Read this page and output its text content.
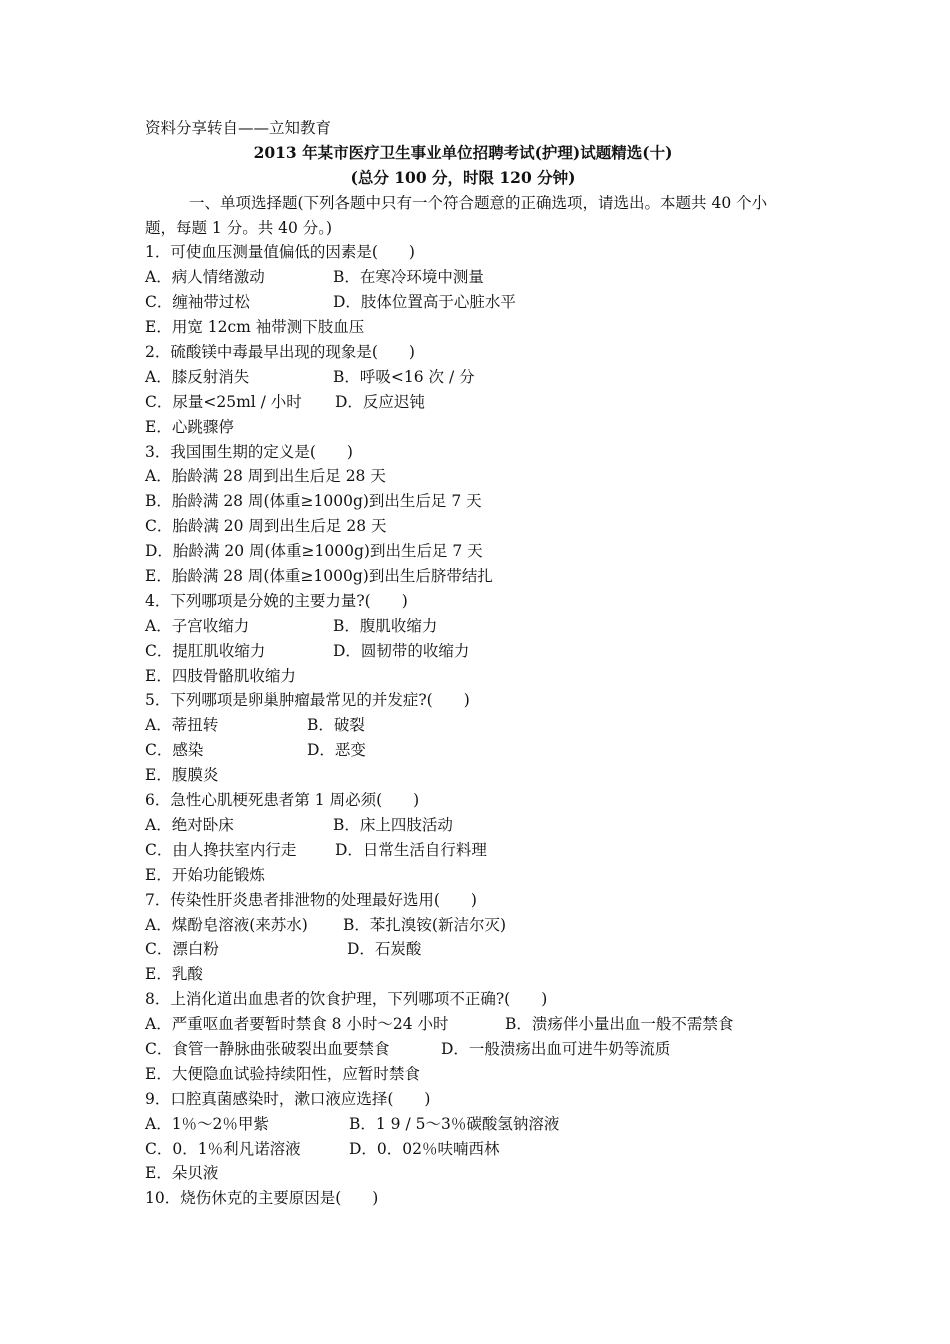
资料分享转自——立知教育
2013 年某市医疗卫生事业单位招聘考试(护理)试题精选(十)
(总分 100 分，时限 120 分钟)
一、单项选择题(下列各题中只有一个符合题意的正确选项，请选出。本题共 40 个小
题，每题 1 分。共 40 分。)
1．可使血压测量值偏低的因素是(　　)
A．病人情绪激动	B．在寒冷环境中测量
C．缠袖带过松	D．肢体位置高于心脏水平
E．用宽 12cm 袖带测下肢血压
2．硫酸镁中毒最早出现的现象是(　　)
A．膝反射消失	B．呼吸<16 次 / 分
C．尿量<25ml / 小时 D．反应迟钝
E．心跳骤停
3．我国围生期的定义是(　　)
A．胎龄满 28 周到出生后足 28 天
B．胎龄满 28 周(体重≥1000g)到出生后足 7 天
C．胎龄满 20 周到出生后足 28 天
D．胎龄满 20 周(体重≥1000g)到出生后足 7 天
E．胎龄满 28 周(体重≥1000g)到出生后脐带结扎
4．下列哪项是分娩的主要力量?(　　)
A．子宫收缩力	B．腹肌收缩力
C．提肛肌收缩力	D．圆韧带的收缩力
E．四肢骨骼肌收缩力
5．下列哪项是卵巢肿瘤最常见的并发症?(　　)
A．蒂扭转	B．破裂
C．感染	D．恶变
E．腹膜炎
6．急性心肌梗死患者第 1 周必须(　　)
A．绝对卧床	B．床上四肢活动
C．由人搀扶室内行走 D．日常生活自行料理
E．开始功能锻炼
7．传染性肝炎患者排泄物的处理最好选用(　　)
A．煤酚皂溶液(来苏水) B．苯扎溴铵(新洁尔灭)
C．漂白粉	D．石炭酸
E．乳酸
8．上消化道出血患者的饮食护理，下列哪项不正确?(　　)
A．严重呕血者要暂时禁食 8 小时～24 小时	B．溃疡伴小量出血一般不需禁食
C．食管一静脉曲张破裂出血要禁食	D．一般溃疡出血可进牛奶等流质
E．大便隐血试验持续阳性，应暂时禁食
9．口腔真菌感染时，漱口液应选择(　　)
A．1％～2％甲紫	B．1 9 / 5～3％碳酸氢钠溶液
C．0．1％利凡诺溶液	D．0．02％呋喃西林
E．朵贝液
10．烧伤休克的主要原因是(　　)
